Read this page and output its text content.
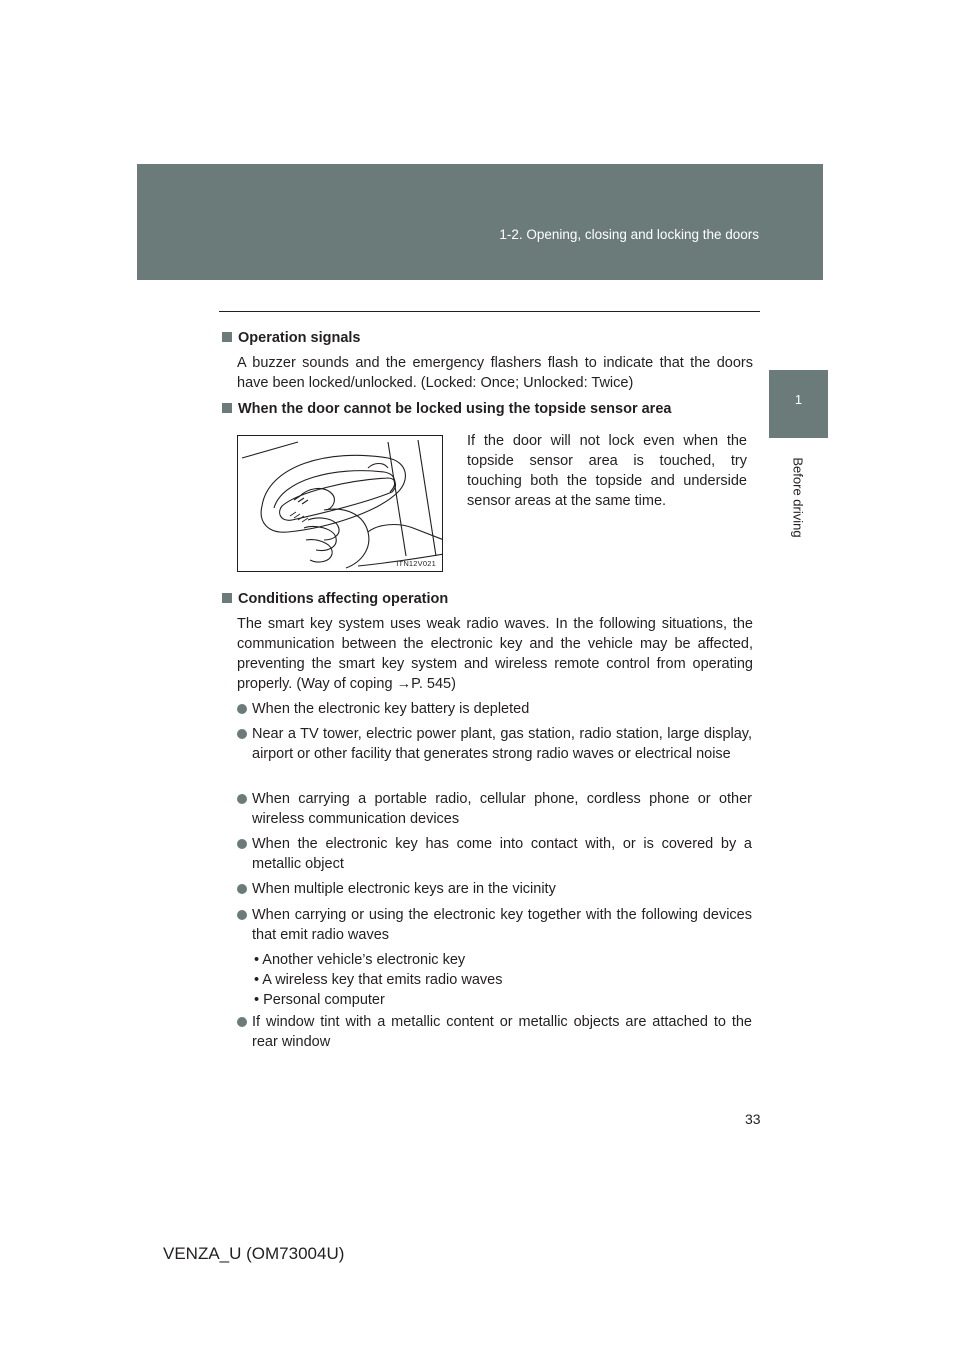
1-2. Opening, closing and locking the doors
1
Before driving
Operation signals
A buzzer sounds and the emergency flashers flash to indicate that the doors have been locked/unlocked. (Locked: Once; Unlocked: Twice)
When the door cannot be locked using the topside sensor area
ITN12V021
If the door will not lock even when the topside sensor area is touched, try touching both the topside and underside sensor areas at the same time.
Conditions affecting operation
The smart key system uses weak radio waves. In the following situations, the communication between the electronic key and the vehicle may be affected, preventing the smart key system and wireless remote control from operating properly. (Way of coping →P. 545)
When the electronic key battery is depleted
Near a TV tower, electric power plant, gas station, radio station, large display, airport or other facility that generates strong radio waves or electrical noise
When carrying a portable radio, cellular phone, cordless phone or other wireless communication devices
When the electronic key has come into contact with, or is covered by a metallic object
When multiple electronic keys are in the vicinity
When carrying or using the electronic key together with the following devices that emit radio waves
• Another vehicle’s electronic key
• A wireless key that emits radio waves
• Personal computer
If window tint with a metallic content or metallic objects are attached to the rear window
33
VENZA_U (OM73004U)
